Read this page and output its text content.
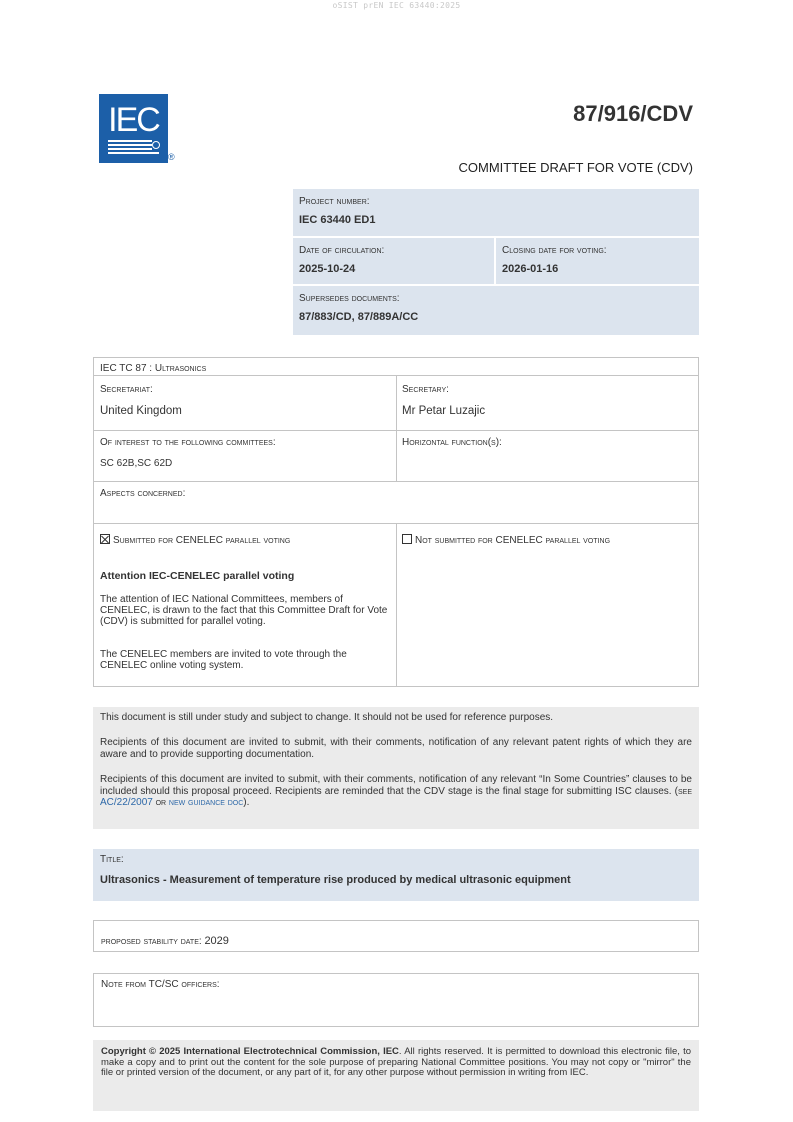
oSIST prEN IEC 63440:2025
IEC
®
87/916/CDV
COMMITTEE DRAFT FOR VOTE (CDV)
Project number:
IEC 63440 ED1
Date of circulation:
2025-10-24
Closing date for voting:
2026-01-16
Supersedes documents:
87/883/CD, 87/889A/CC
IEC TC 87 : Ultrasonics
Secretariat:
United Kingdom
Secretary:
Mr Petar Luzajic
Of interest to the following committees:
SC 62B,SC 62D
Horizontal function(s):
Aspects concerned:
Submitted for CENELEC parallel voting	Not submitted for CENELEC parallel voting
Attention IEC-CENELEC parallel voting
The attention of IEC National Committees, members of CENELEC, is drawn to the fact that this Committee Draft for Vote (CDV) is submitted for parallel voting.
The CENELEC members are invited to vote through the CENELEC online voting system.

This document is still under study and subject to change. It should not be used for reference purposes.

Recipients of this document are invited to submit, with their comments, notification of any relevant patent rights of which they are aware and to provide supporting documentation.

Recipients of this document are invited to submit, with their comments, notification of any relevant “In Some Countries” clauses to be included should this proposal proceed. Recipients are reminded that the CDV stage is the final stage for submitting ISC clauses. (see AC/22/2007 or new guidance doc).

Title:
Ultrasonics - Measurement of temperature rise produced by medical ultrasonic equipment
proposed stability date: 2029
Note from TC/SC officers:

Copyright © 2025 International Electrotechnical Commission, IEC. All rights reserved. It is permitted to download this electronic file, to make a copy and to print out the content for the sole purpose of preparing National Committee positions. You may not copy or "mirror" the file or printed version of the document, or any part of it, for any other purpose without permission in writing from IEC.
